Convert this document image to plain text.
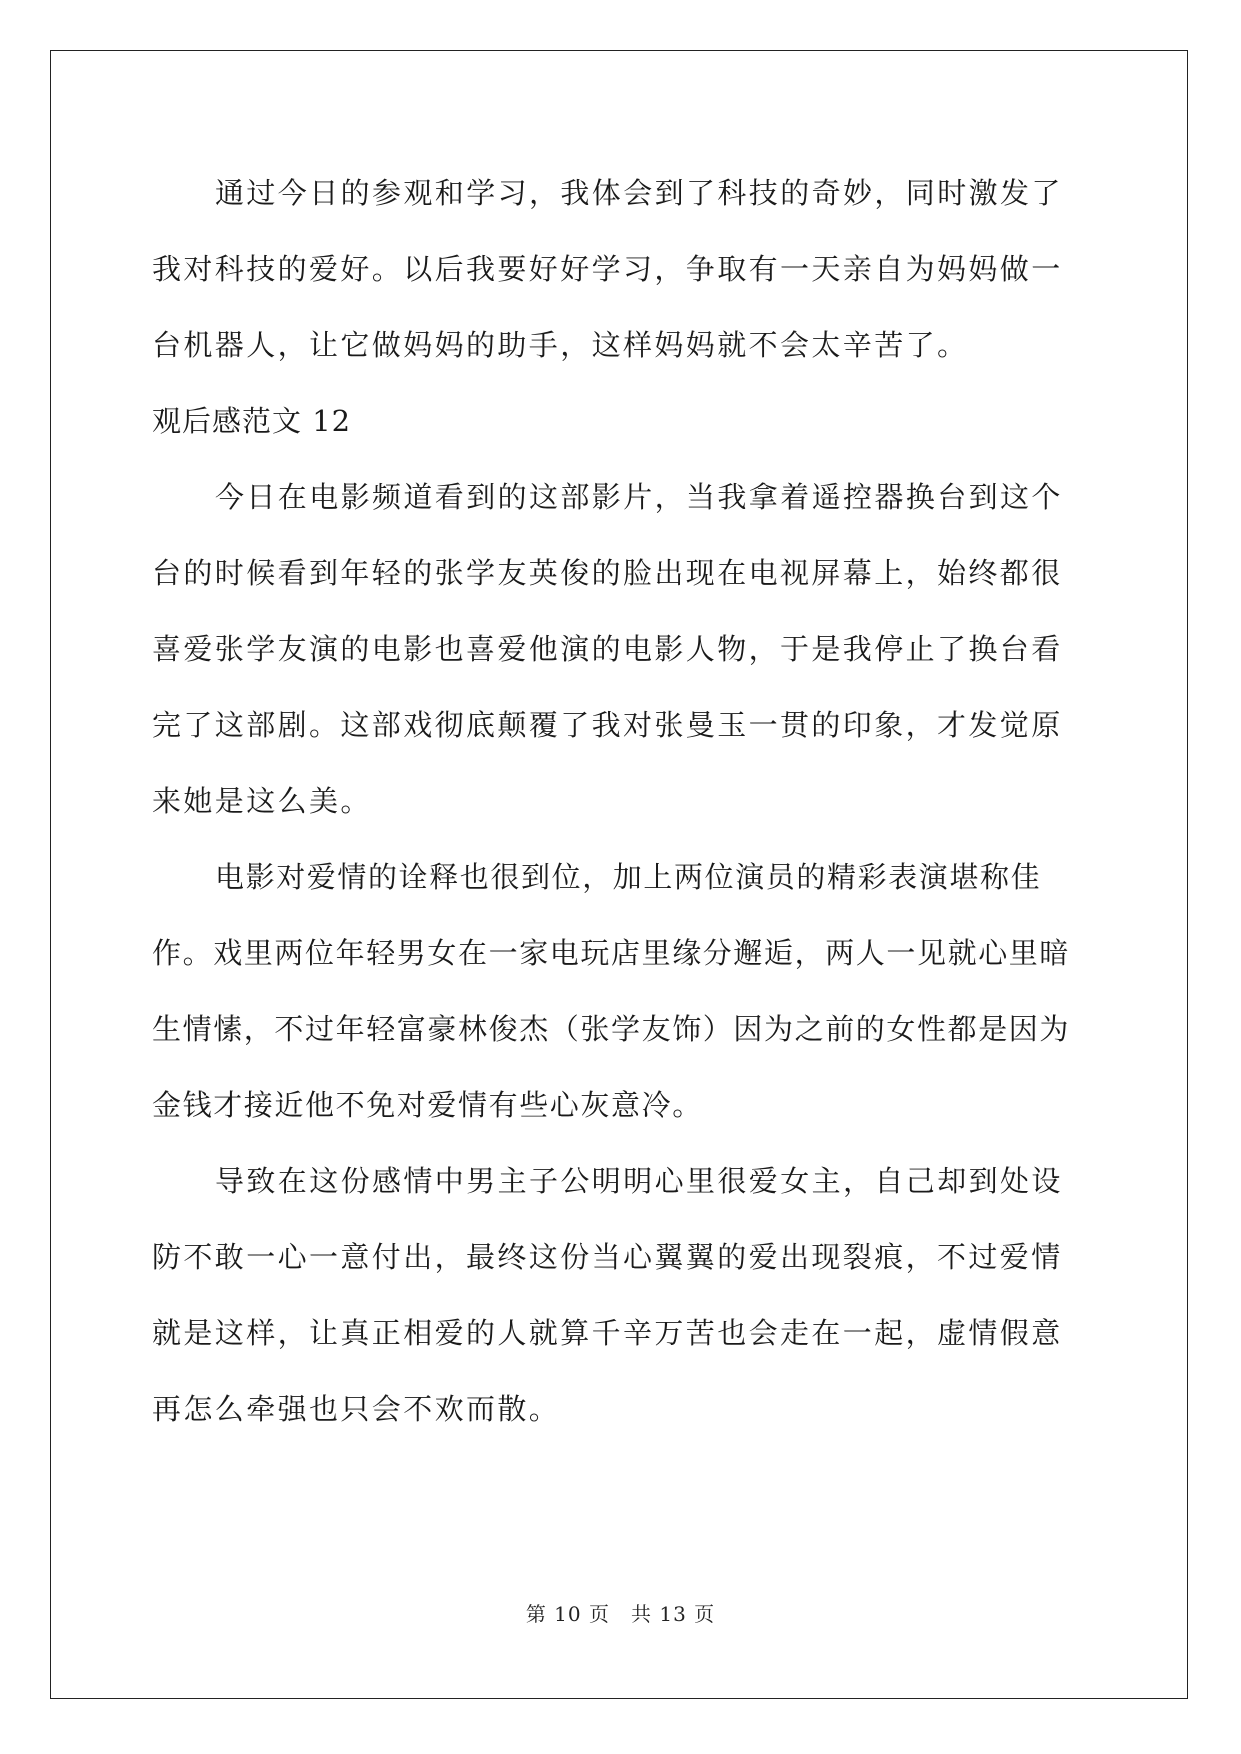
通过今日的参观和学习，我体会到了科技的奇妙，同时激发了我对科技的爱好。以后我要好好学习，争取有一天亲自为妈妈做一台机器人，让它做妈妈的助手，这样妈妈就不会太辛苦了。

观后感范文 12

今日在电影频道看到的这部影片，当我拿着遥控器换台到这个台的时候看到年轻的张学友英俊的脸出现在电视屏幕上，始终都很喜爱张学友演的电影也喜爱他演的电影人物，于是我停止了换台看完了这部剧。这部戏彻底颠覆了我对张曼玉一贯的印象，才发觉原来她是这么美。

电影对爱情的诠释也很到位，加上两位演员的精彩表演堪称佳作。戏里两位年轻男女在一家电玩店里缘分邂逅，两人一见就心里暗生情愫，不过年轻富豪林俊杰（张学友饰）因为之前的女性都是因为金钱才接近他不免对爱情有些心灰意冷。

导致在这份感情中男主子公明明心里很爱女主，自己却到处设防不敢一心一意付出，最终这份当心翼翼的爱出现裂痕，不过爱情就是这样，让真正相爱的人就算千辛万苦也会走在一起，虚情假意再怎么牵强也只会不欢而散。

第 10 页　共 13 页
